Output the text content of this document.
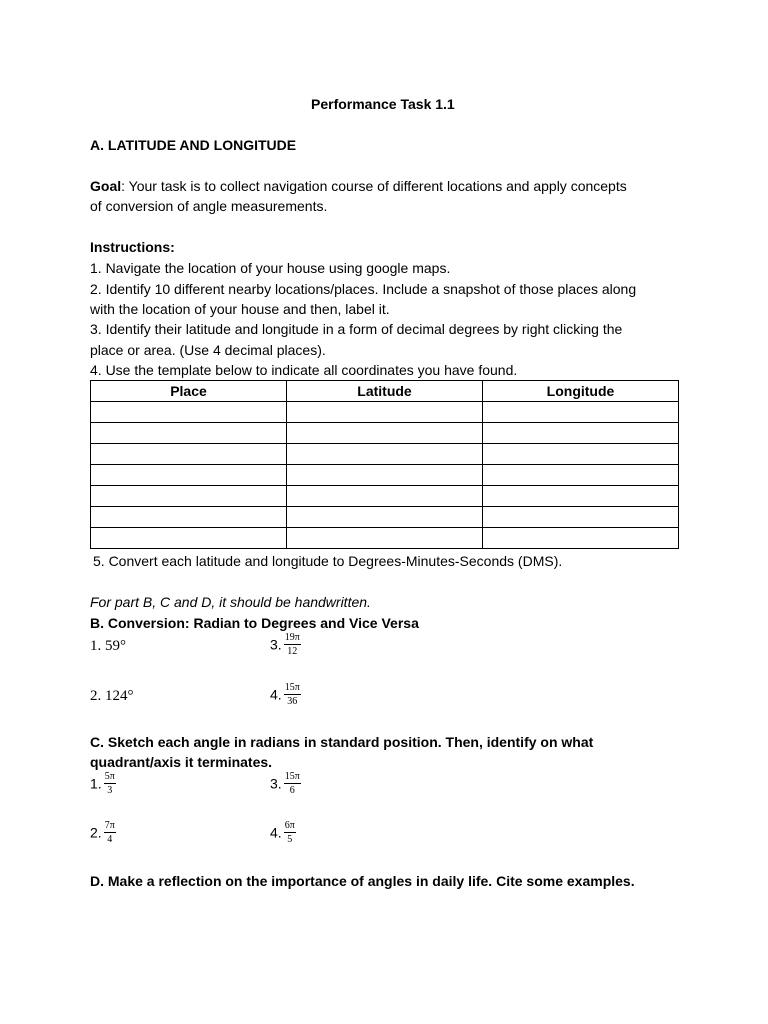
Performance Task 1.1
A. LATITUDE AND LONGITUDE
Goal: Your task is to collect navigation course of different locations and apply concepts
of conversion of angle measurements.
Instructions:
1. Navigate the location of your house using google maps.
2. Identify 10 different nearby locations/places. Include a snapshot of those places along
with the location of your house and then, label it.
3. Identify their latitude and longitude in a form of decimal degrees by right clicking the
place or area. (Use 4 decimal places).
4. Use the template below to indicate all coordinates you have found.
Place	Latitude	Longitude

5. Convert each latitude and longitude to Degrees-Minutes-Seconds (DMS).
For part B, C and D, it should be handwritten.
B. Conversion: Radian to Degrees and Vice Versa
1. 59°
2. 124°
3. $\frac{19\pi}{12}$
4. $\frac{15\pi}{36}$
C. Sketch each angle in radians in standard position. Then, identify on what
quadrant/axis it terminates.
1. $\frac{5\pi}{3}$	3. $\frac{15\pi}{6}$
2. $\frac{7\pi}{4}$	4. $\frac{6\pi}{5}$
D. Make a reflection on the importance of angles in daily life. Cite some examples.
